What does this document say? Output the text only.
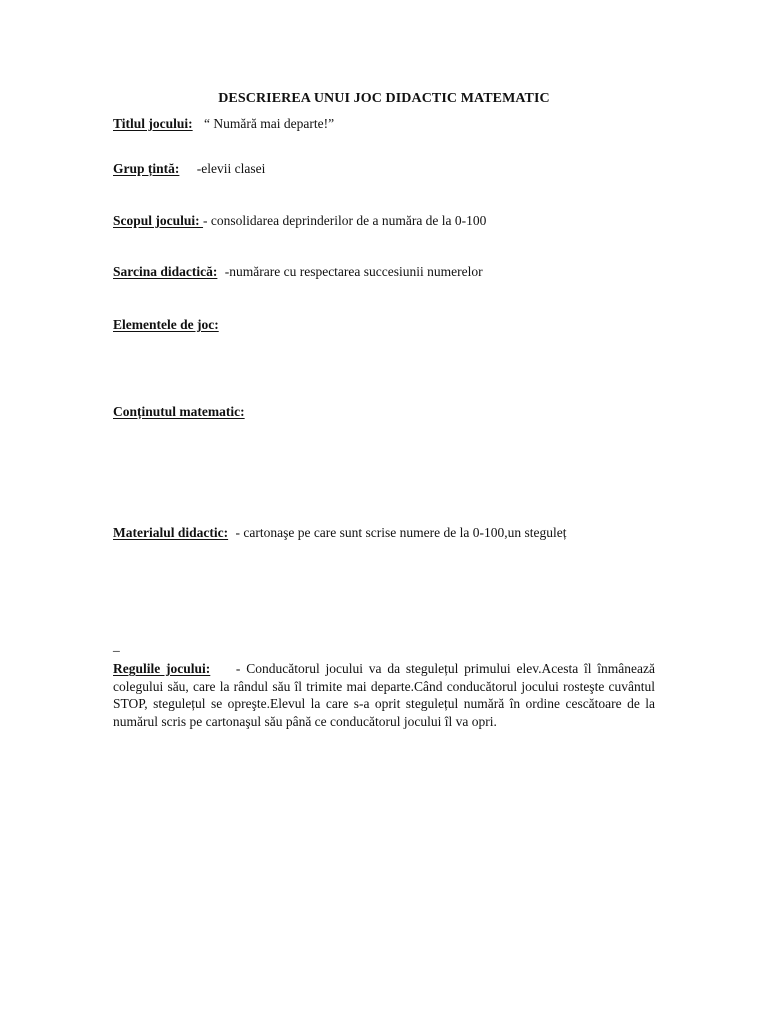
DESCRIEREA UNUI JOC DIDACTIC MATEMATIC
Titlul jocului: “ Numără mai departe!”
Grup țintă: -elevii clasei
Scopul jocului: - consolidarea deprinderilor de a număra de la 0-100
Sarcina didactică: -numărare cu respectarea succesiunii numerelor
Elementele de joc:
Conținutul matematic:
Materialul didactic: - cartonaşe pe care sunt scrise numere de la 0-100,un steguleț
_
Regulile jocului: - Conducătorul jocului va da stegulețul primului elev.Acesta îl înmânează colegului său, care la rândul său îl trimite mai departe.Când conducătorul jocului rosteşte cuvântul STOP, stegulețul se opreşte.Elevul la care s-a oprit stegulețul numără în ordine cescătoare de la numărul scris pe cartonaşul său până ce conducătorul jocului îl va opri.
